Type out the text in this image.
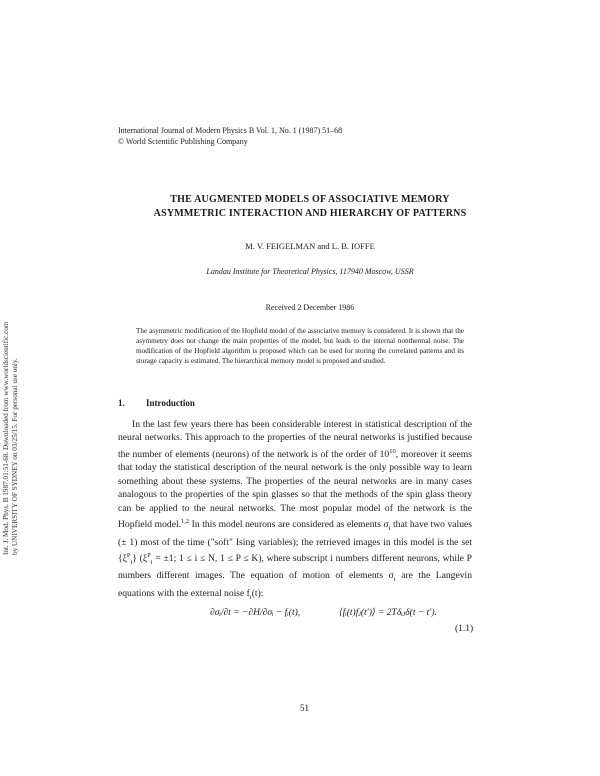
Int. J. Mod. Phys. B 1987.01:51-68. Downloaded from www.worldscientific.com by UNIVERSITY OF SYDNEY on 03/25/15. For personal use only.
International Journal of Modern Physics B Vol. 1, No. 1 (1987) 51–68
© World Scientific Publishing Company
THE AUGMENTED MODELS OF ASSOCIATIVE MEMORY
ASYMMETRIC INTERACTION AND HIERARCHY OF PATTERNS
M. V. FEIGELMAN and L. B. IOFFE
Landau Institute for Theoretical Physics, 117940 Moscow, USSR
Received 2 December 1986
The asymmetric modification of the Hopfield model of the associative memory is considered. It is shown that the asymmetry does not change the main properties of the model, but leads to the internal nonthermal noise. The modification of the Hopfield algorithm is proposed which can be used for storing the correlated patterns and its storage capacity is estimated. The hierarchical memory model is proposed and studied.
1. Introduction

In the last few years there has been considerable interest in statistical description of the neural networks. This approach to the properties of the neural networks is justified because the number of elements (neurons) of the network is of the order of $10^{10}$, moreover it seems that today the statistical description of the neural network is the only possible way to learn something about these systems. The properties of the neural networks are in many cases analogous to the properties of the spin glasses so that the methods of the spin glass theory can be applied to the neural networks. The most popular model of the network is the Hopfield model.$^{1,2}$ In this model neurons are considered as elements $\sigma_i$ that have two values (± 1) most of the time ("soft" Ising variables); the retrieved images in this model is the set $\{\xi^P_i\} (\xi^P_i = \pm 1$; 1 ≤ i ≤ N, 1 ≤ P ≤ K), where subscript i numbers different neurons, while P numbers different images. The equation of motion of elements $\sigma_i$ are the Langevin equations with the external noise $f_i(t)$:

∂σᵢ/∂t = −∂H/∂σᵢ − fᵢ(t),	⟨fᵢ(t)fⱼ(t′)⟩ = 2Tδᵢⱼδ(t − t′).
(1.1)
51
